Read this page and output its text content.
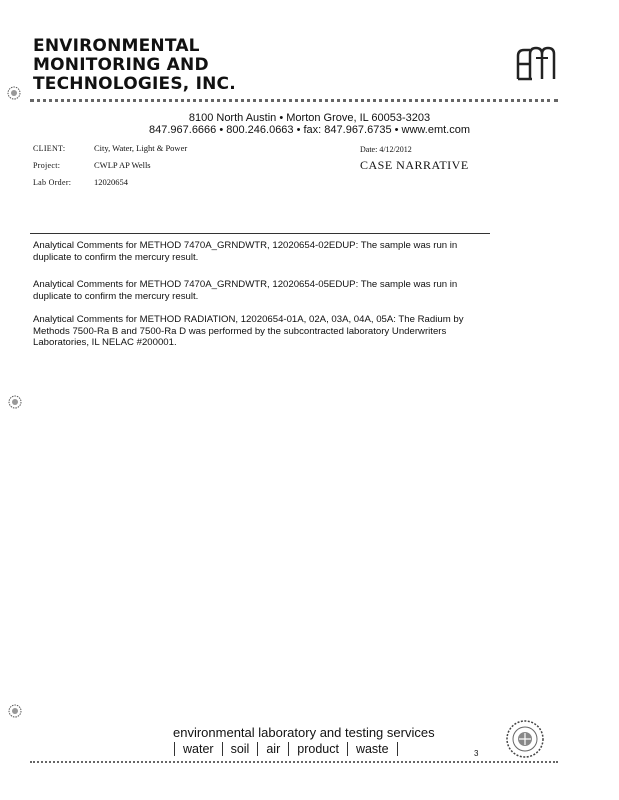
ENVIRONMENTAL
MONITORING AND
TECHNOLOGIES, INC.
8100 North Austin • Morton Grove, IL 60053-3203
847.967.6666 • 800.246.0663 • fax: 847.967.6735 • www.emt.com
CLIENT:	City, Water, Light & Power
Project:	CWLP AP Wells
Lab Order:	12020654
Date: 4/12/2012
CASE NARRATIVE
Analytical Comments for METHOD 7470A_GRNDWTR, 12020654-02EDUP: The sample was run in
duplicate to confirm the mercury result.
Analytical Comments for METHOD 7470A_GRNDWTR, 12020654-05EDUP: The sample was run in
duplicate to confirm the mercury result.
Analytical Comments for METHOD RADIATION, 12020654-01A, 02A, 03A, 04A, 05A: The Radium by
Methods 7500-Ra B and 7500-Ra D was performed by the subcontracted laboratory Underwriters
Laboratories, IL NELAC #200001.
environmental laboratory and testing services
water	soil	air	product	waste	3
